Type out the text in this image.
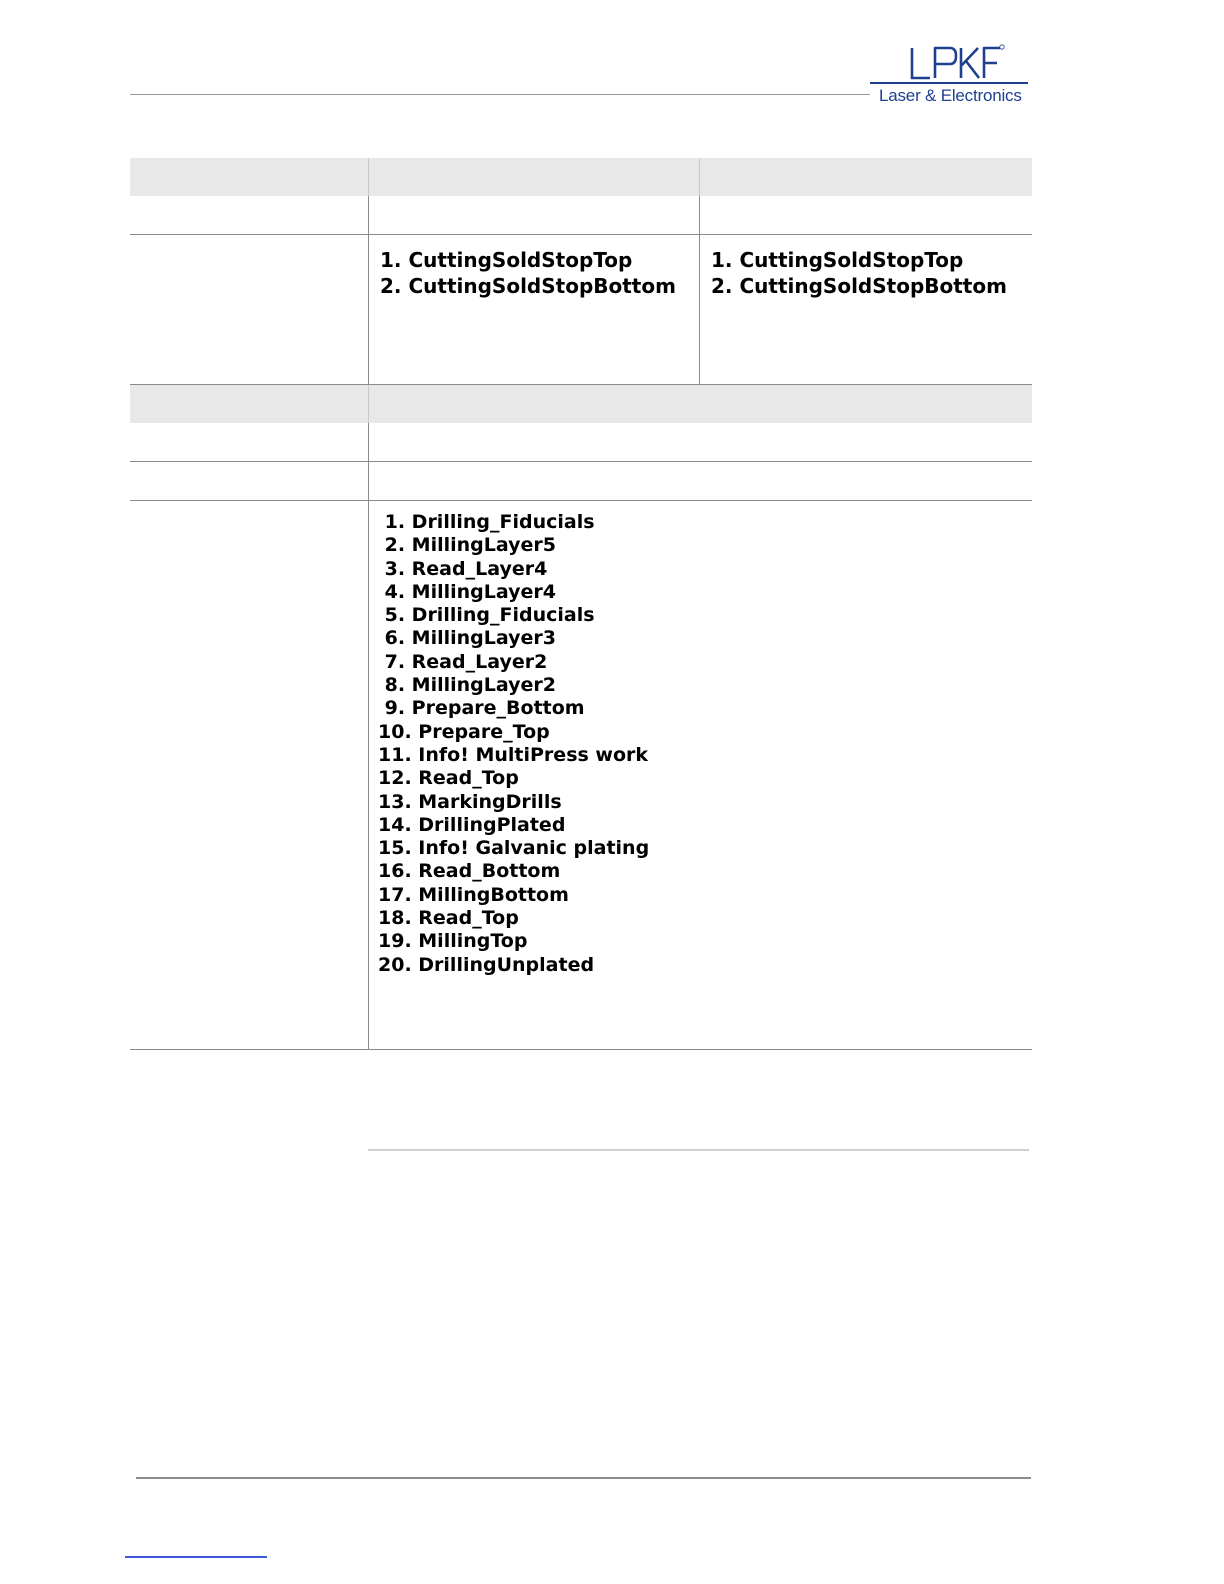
Laser & Electronics
1. CuttingSoldStopTop
2. CuttingSoldStopBottom
1. CuttingSoldStopTop
2. CuttingSoldStopBottom
1. Drilling_Fiducials
2. MillingLayer5
3. Read_Layer4
4. MillingLayer4
5. Drilling_Fiducials
6. MillingLayer3
7. Read_Layer2
8. MillingLayer2
9. Prepare_Bottom
10. Prepare_Top
11. Info! MultiPress work
12. Read_Top
13. MarkingDrills
14. DrillingPlated
15. Info! Galvanic plating
16. Read_Bottom
17. MillingBottom
18. Read_Top
19. MillingTop
20. DrillingUnplated
